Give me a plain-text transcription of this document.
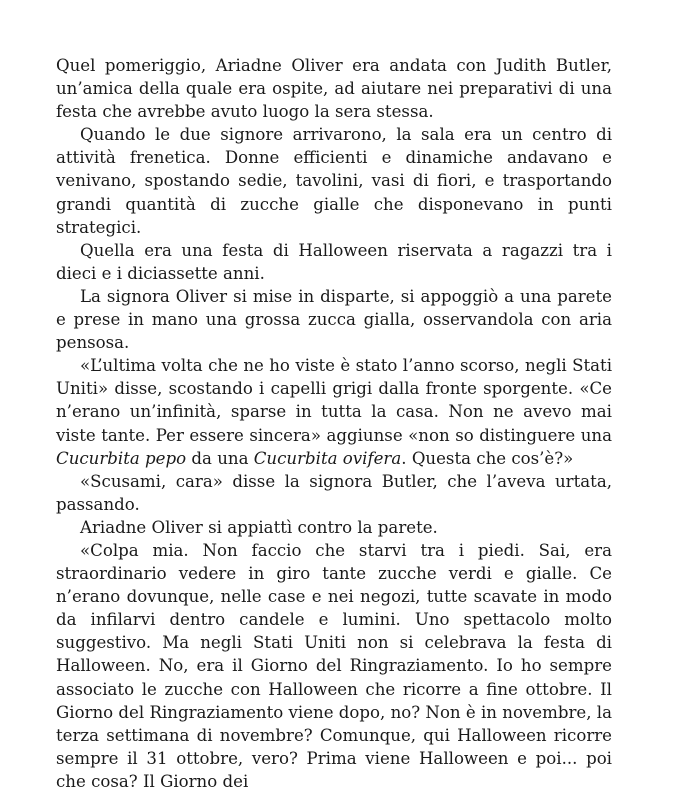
Quel pomeriggio, Ariadne Oliver era andata con Judith Butler, un’amica della quale era ospite, ad aiutare nei preparativi di una festa che avrebbe avuto luogo la sera stessa.

Quando le due signore arrivarono, la sala era un centro di attività frenetica. Donne efficienti e dinamiche andavano e venivano, spostando sedie, tavolini, vasi di fiori, e trasportando grandi quantità di zucche gialle che disponevano in punti strategici.

Quella era una festa di Halloween riservata a ragazzi tra i dieci e i diciassette anni.

La signora Oliver si mise in disparte, si appoggiò a una parete e prese in mano una grossa zucca gialla, osservandola con aria pensosa.

«L’ultima volta che ne ho viste è stato l’anno scorso, negli Stati Uniti» disse, scostando i capelli grigi dalla fronte sporgente. «Ce n’erano un’infinità, sparse in tutta la casa. Non ne avevo mai viste tante. Per essere sincera» aggiunse «non so distinguere una Cucurbita pepo da una Cucurbita ovifera. Questa che cos’è?»

«Scusami, cara» disse la signora Butler, che l’aveva urtata, passando.

Ariadne Oliver si appiattì contro la parete.

«Colpa mia. Non faccio che starvi tra i piedi. Sai, era straordinario vedere in giro tante zucche verdi e gialle. Ce n’erano dovunque, nelle case e nei negozi, tutte scavate in modo da infilarvi dentro candele e lumini. Uno spettacolo molto suggestivo. Ma negli Stati Uniti non si celebrava la festa di Halloween. No, era il Giorno del Ringraziamento. Io ho sempre associato le zucche con Halloween che ricorre a fine ottobre. Il Giorno del Ringraziamento viene dopo, no? Non è in novembre, la terza settimana di novembre? Comunque, qui Halloween ricorre sempre il 31 ottobre, vero? Prima viene Halloween e poi... poi che cosa? Il Giorno dei
